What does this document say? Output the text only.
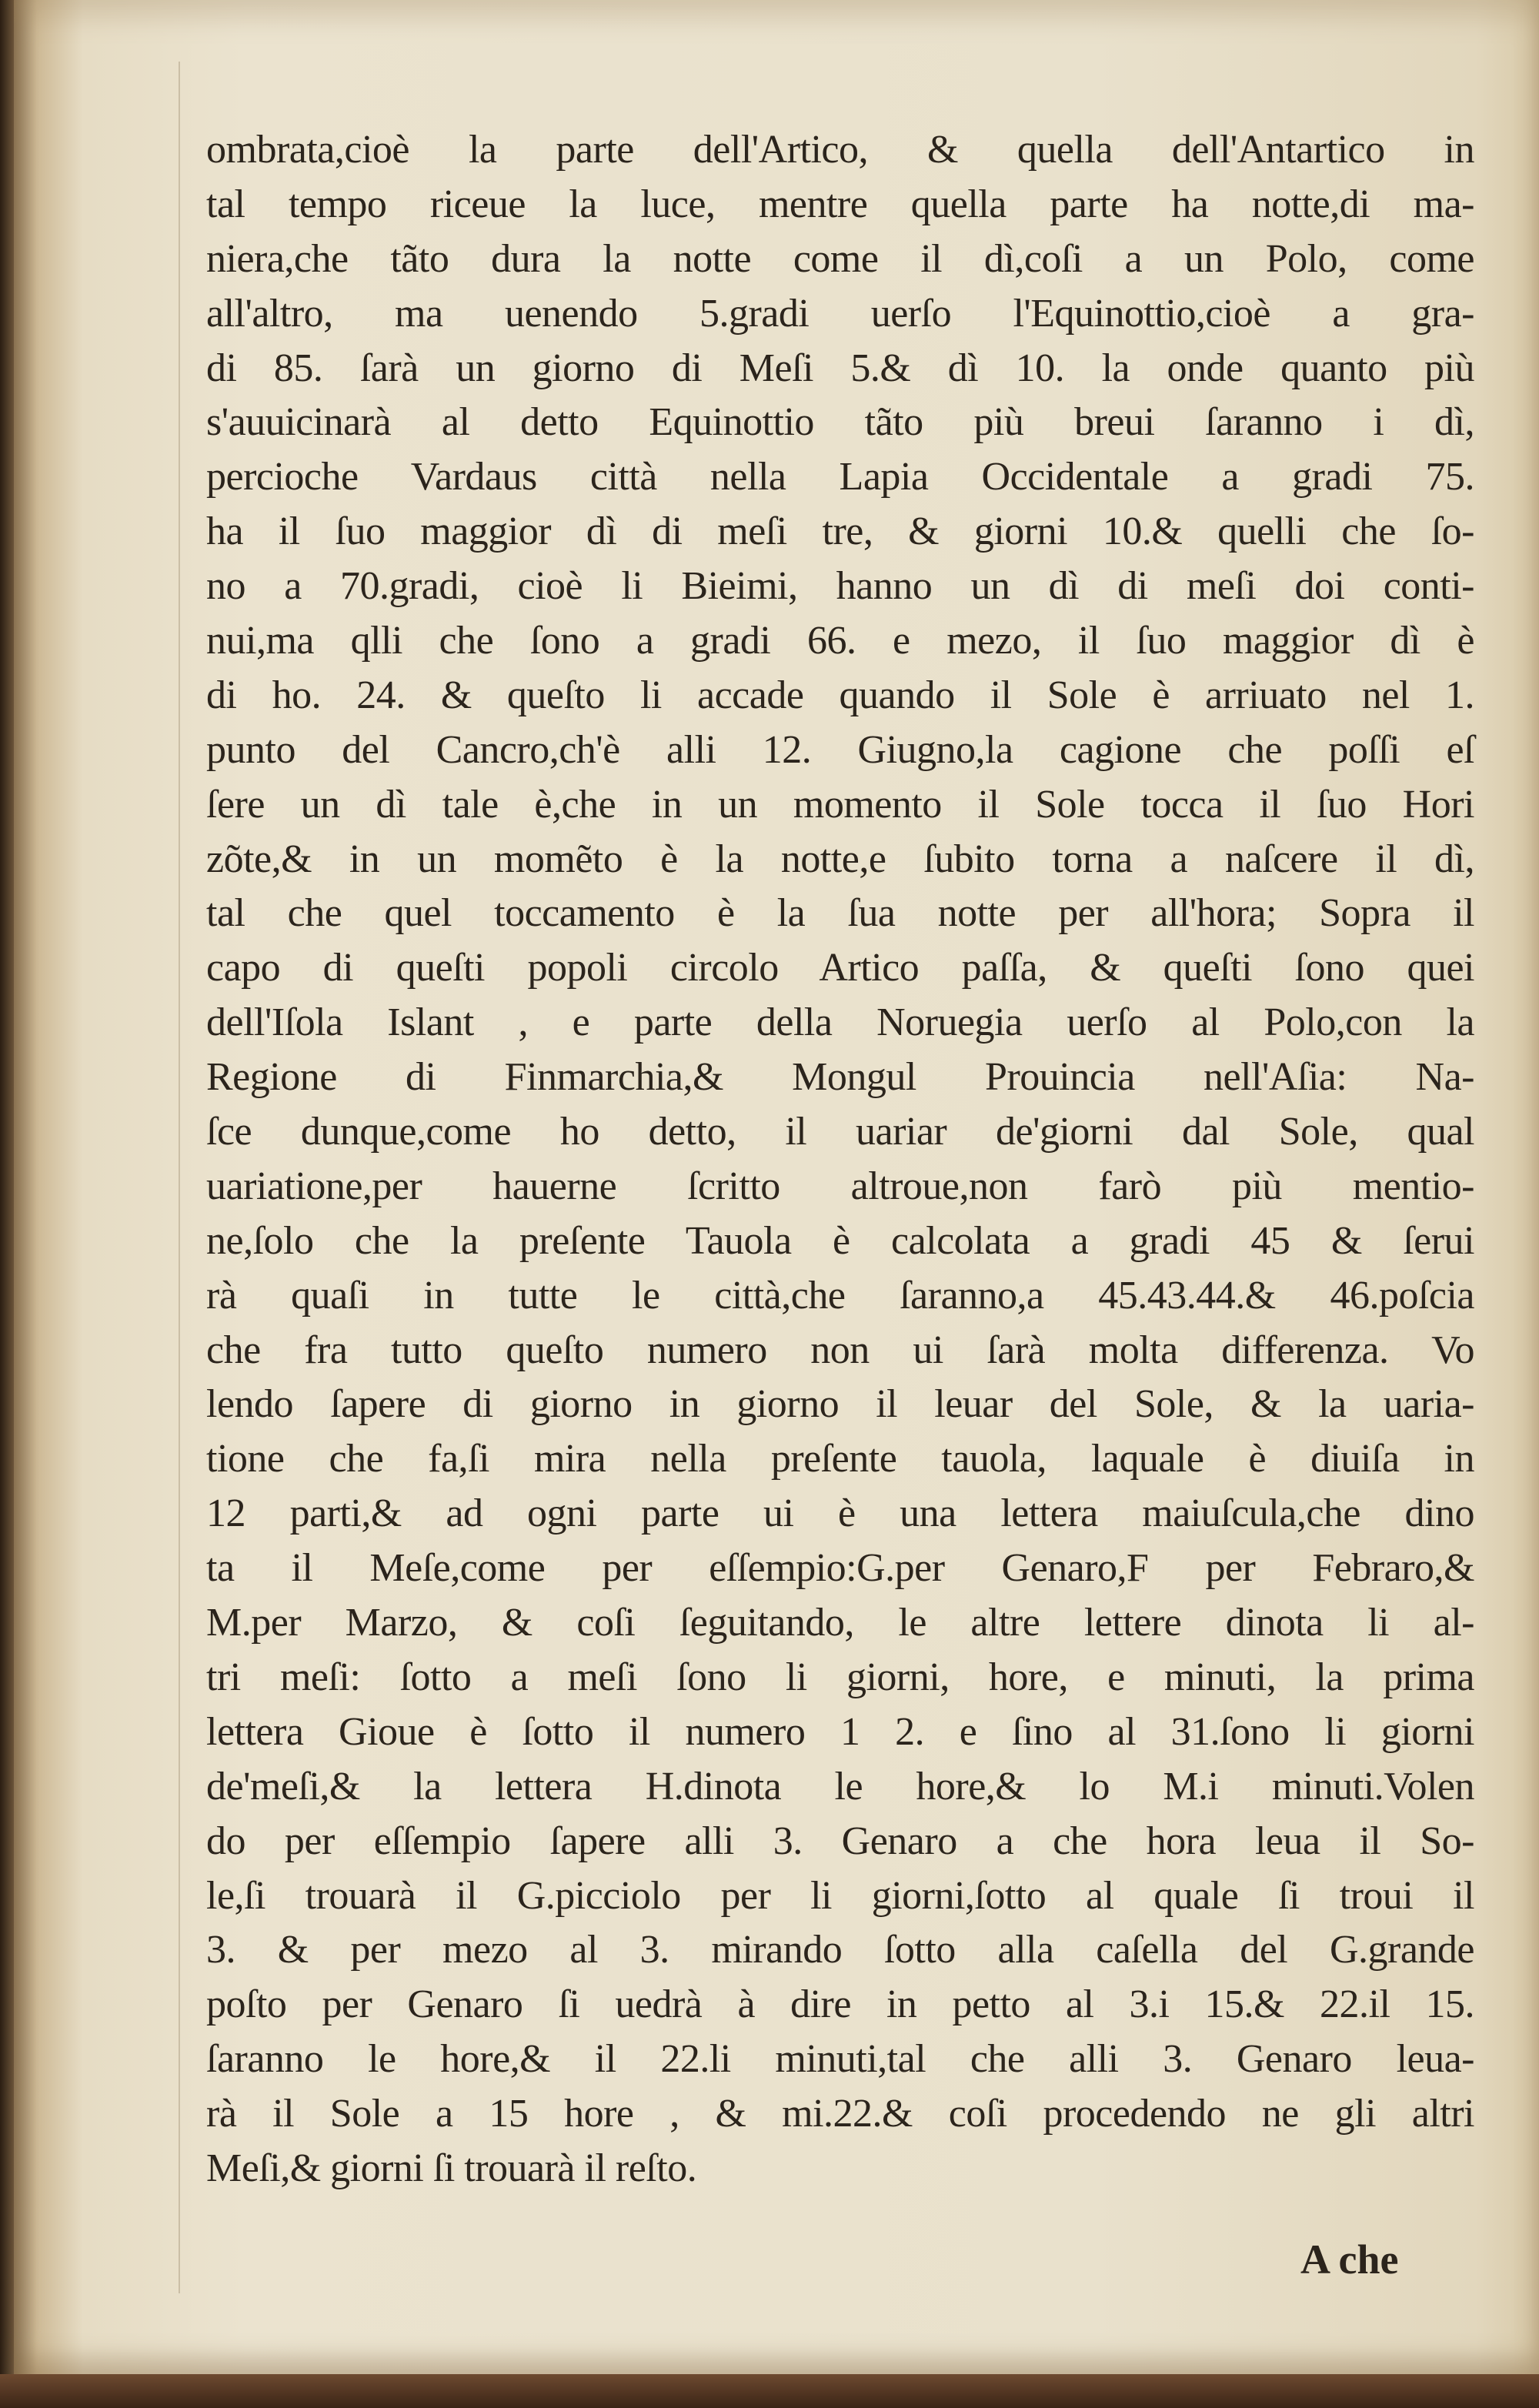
ombrata,cioè la parte dell'Artico, & quella dell'Antartico in
tal tempo riceue la luce, mentre quella parte ha notte,di ma-
niera,che tãto dura la notte come il dì,coſi a un Polo, come
all'altro, ma uenendo 5.gradi uerſo l'Equinottio,cioè a gra-
di 85. ſarà un giorno di Meſi 5.& dì 10. la onde quanto più
s'auuicinarà al detto Equinottio tãto più breui ſaranno i dì,
percioche Vardaus città nella Lapia Occidentale a gradi 75.
ha il ſuo maggior dì di meſi tre, & giorni 10.& quelli che ſo-
no a 70.gradi, cioè li Bieimi, hanno un dì di meſi doi conti-
nui,ma qlli che ſono a gradi 66. e mezo, il ſuo maggior dì è
di ho. 24. & queſto li accade quando il Sole è arriuato nel 1.
punto del Cancro,ch'è alli 12. Giugno,la cagione che poſſi eſ
ſere un dì tale è,che in un momento il Sole tocca il ſuo Hori
zõte,& in un momẽto è la notte,e ſubito torna a naſcere il dì,
tal che quel toccamento è la ſua notte per all'hora; Sopra il
capo di queſti popoli circolo Artico paſſa, & queſti ſono quei
dell'Iſola Islant , e parte della Noruegia uerſo al Polo,con la
Regione di Finmarchia,& Mongul Prouincia nell'Aſia: Na-
ſce dunque,come ho detto, il uariar de'giorni dal Sole, qual
uariatione,per hauerne ſcritto altroue,non farò più mentio-
ne,ſolo che la preſente Tauola è calcolata a gradi 45 & ſerui
rà quaſi in tutte le città,che ſaranno,a 45.43.44.& 46.poſcia
che fra tutto queſto numero non ui ſarà molta differenza. Vo
lendo ſapere di giorno in giorno il leuar del Sole, & la uaria-
tione che fa,ſi mira nella preſente tauola, laquale è diuiſa in
12 parti,& ad ogni parte ui è una lettera maiuſcula,che dino
ta il Meſe,come per eſſempio:G.per Genaro,F per Febraro,&
M.per Marzo, & coſi ſeguitando, le altre lettere dinota li al-
tri meſi: ſotto a meſi ſono li giorni, hore, e minuti, la prima
lettera Gioue è ſotto il numero 1 2. e ſino al 31.ſono li giorni
de'meſi,& la lettera H.dinota le hore,& lo M.i minuti.Volen
do per eſſempio ſapere alli 3. Genaro a che hora leua il So-
le,ſi trouarà il G.picciolo per li giorni,ſotto al quale ſi troui il
3. & per mezo al 3. mirando ſotto alla caſella del G.grande
poſto per Genaro ſi uedrà à dire in petto al 3.i 15.& 22.il 15.
ſaranno le hore,& il 22.li minuti,tal che alli 3. Genaro leua-
rà il Sole a 15 hore , & mi.22.& coſi procedendo ne gli altri
Meſi,& giorni ſi trouarà il reſto.
A che
